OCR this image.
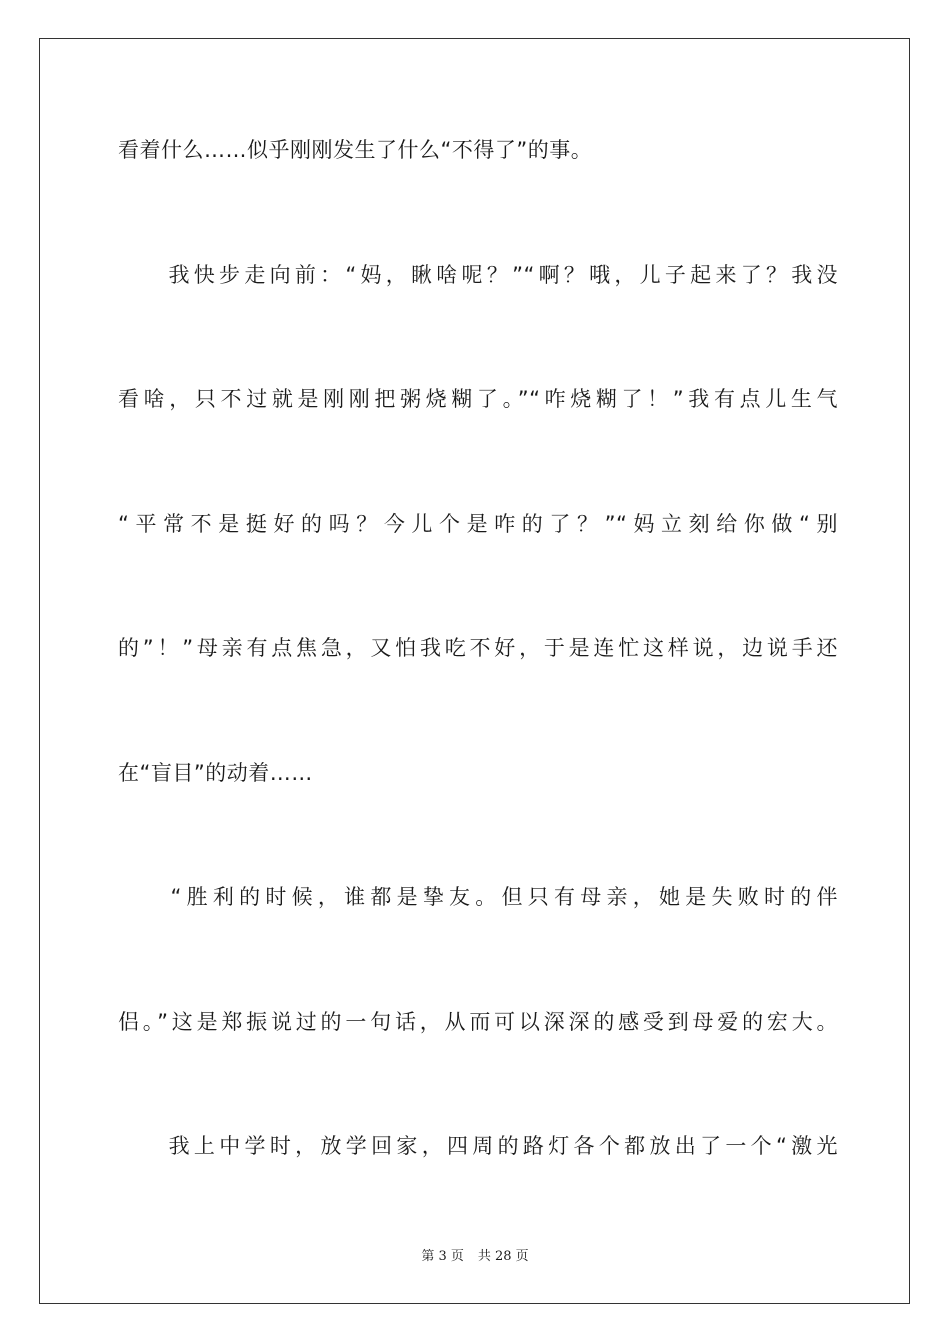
看着什么……似乎刚刚发生了什么“不得了”的事。
　　我快步走向前：“妈，瞅啥呢？”“啊？哦，儿子起来了？我没
看啥，只不过就是刚刚把粥烧糊了。”“咋烧糊了！”我有点儿生气
“平常不是挺好的吗？今儿个是咋的了？”“妈立刻给你做“别
的”！”母亲有点焦急，又怕我吃不好，于是连忙这样说，边说手还
在“盲目”的动着……
　　“胜利的时候，谁都是挚友。但只有母亲，她是失败时的伴
侣。”这是郑振说过的一句话，从而可以深深的感受到母爱的宏大。
　　我上中学时，放学回家，四周的路灯各个都放出了一个“激光
第 3 页 共 28 页
